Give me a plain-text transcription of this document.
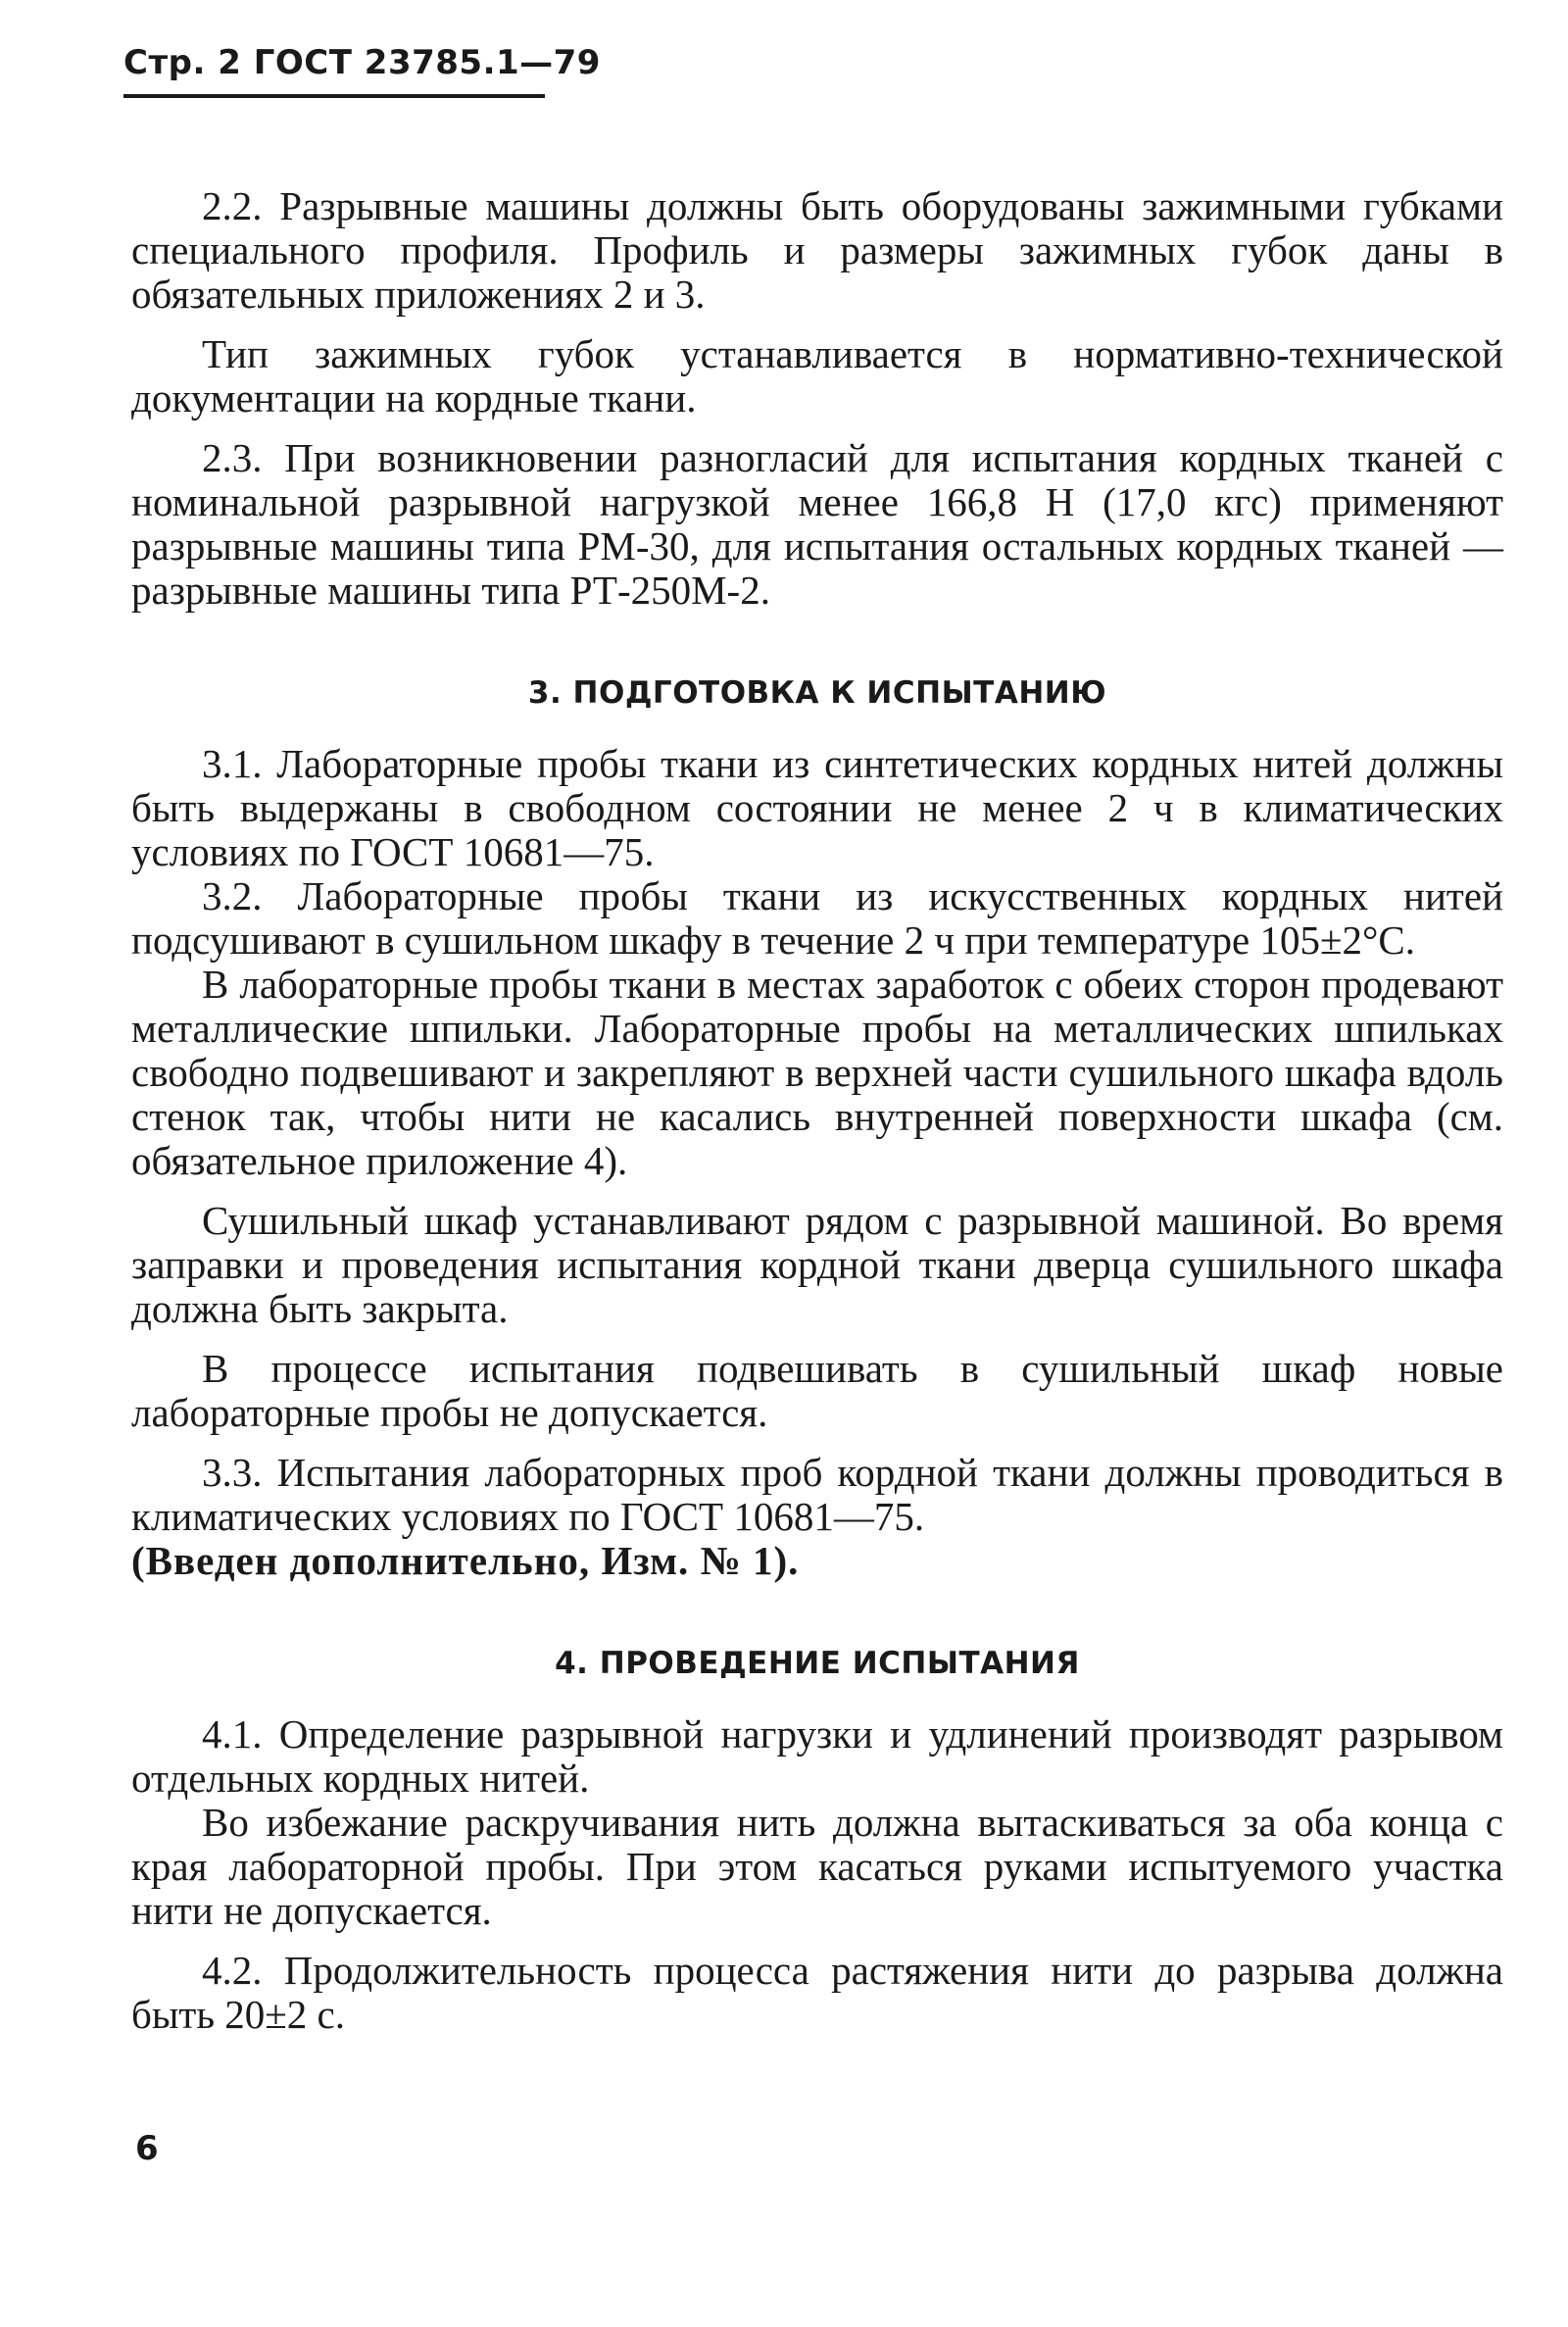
Стр. 2 ГОСТ 23785.1—79

2.2. Разрывные машины должны быть оборудованы зажимными губками специального профиля. Профиль и размеры зажимных губок даны в обязательных приложениях 2 и 3.

Тип зажимных губок устанавливается в нормативно-технической документации на кордные ткани.

2.3. При возникновении разногласий для испытания кордных тканей с номинальной разрывной нагрузкой менее 166,8 Н (17,0 кгс) применяют разрывные машины типа РМ-30, для испытания остальных кордных тканей — разрывные машины типа РТ-250М-2.

3. ПОДГОТОВКА К ИСПЫТАНИЮ

3.1. Лабораторные пробы ткани из синтетических кордных нитей должны быть выдержаны в свободном состоянии не менее 2 ч в климатических условиях по ГОСТ 10681—75.

3.2. Лабораторные пробы ткани из искусственных кордных нитей подсушивают в сушильном шкафу в течение 2 ч при температуре 105±2°С.

В лабораторные пробы ткани в местах заработок с обеих сторон продевают металлические шпильки. Лабораторные пробы на металлических шпильках свободно подвешивают и закрепляют в верхней части сушильного шкафа вдоль стенок так, чтобы нити не касались внутренней поверхности шкафа (см. обязательное приложение 4).

Сушильный шкаф устанавливают рядом с разрывной машиной. Во время заправки и проведения испытания кордной ткани дверца сушильного шкафа должна быть закрыта.

В процессе испытания подвешивать в сушильный шкаф новые лабораторные пробы не допускается.

3.3. Испытания лабораторных проб кордной ткани должны проводиться в климатических условиях по ГОСТ 10681—75.

(Введен дополнительно, Изм. № 1).

4. ПРОВЕДЕНИЕ ИСПЫТАНИЯ

4.1. Определение разрывной нагрузки и удлинений производят разрывом отдельных кордных нитей.

Во избежание раскручивания нить должна вытаскиваться за оба конца с края лабораторной пробы. При этом касаться руками испытуемого участка нити не допускается.

4.2. Продолжительность процесса растяжения нити до разрыва должна быть 20±2 с.

6
